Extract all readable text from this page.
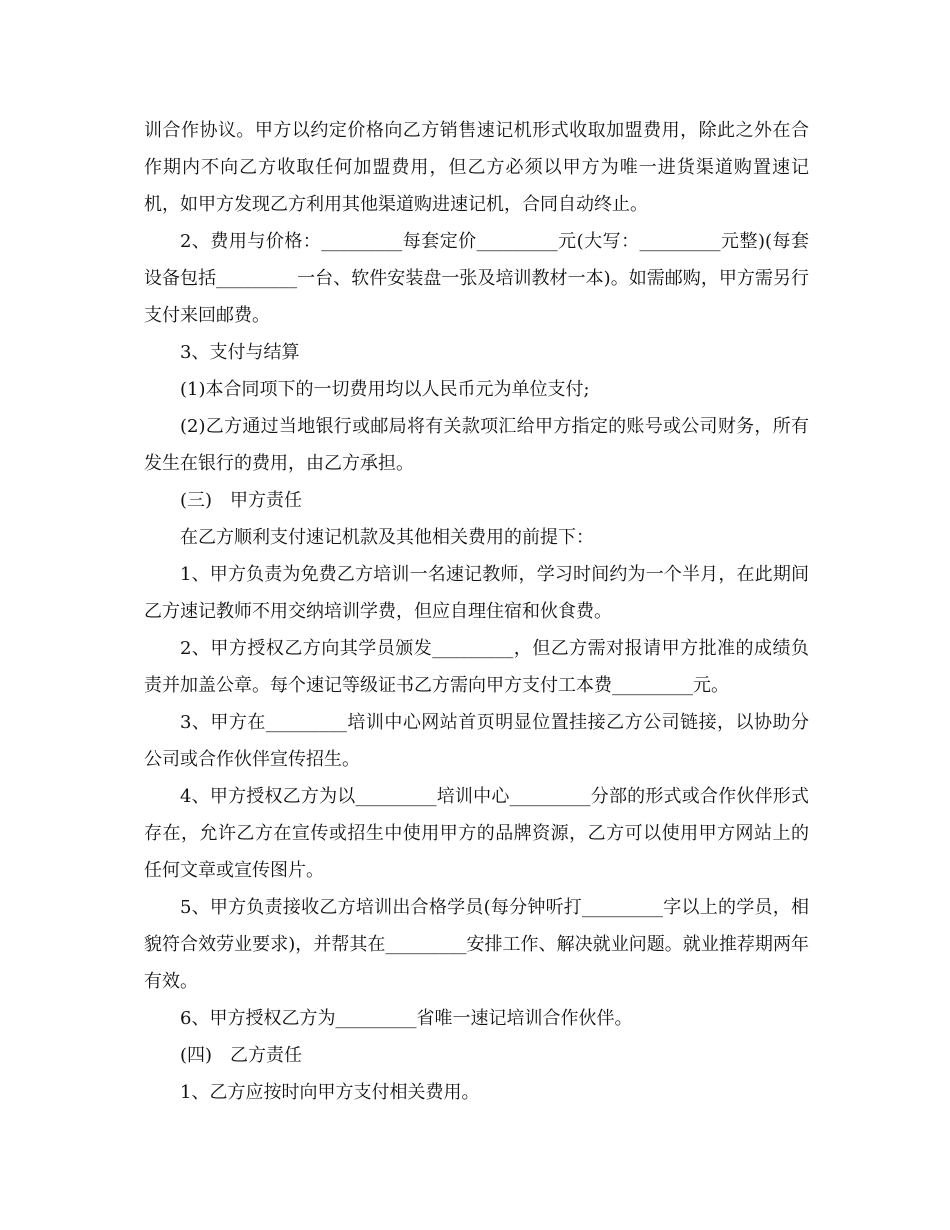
训合作协议。甲方以约定价格向乙方销售速记机形式收取加盟费用，除此之外在合作期内不向乙方收取任何加盟费用，但乙方必须以甲方为唯一进货渠道购置速记机，如甲方发现乙方利用其他渠道购进速记机，合同自动终止。

2、费用与价格：_________每套定价_________元(大写：_________元整)(每套设备包括_________一台、软件安装盘一张及培训教材一本)。如需邮购，甲方需另行支付来回邮费。

3、支付与结算

(1)本合同项下的一切费用均以人民币元为单位支付;

(2)乙方通过当地银行或邮局将有关款项汇给甲方指定的账号或公司财务，所有发生在银行的费用，由乙方承担。

(三)　甲方责任

在乙方顺利支付速记机款及其他相关费用的前提下：

1、甲方负责为免费乙方培训一名速记教师，学习时间约为一个半月，在此期间乙方速记教师不用交纳培训学费，但应自理住宿和伙食费。

2、甲方授权乙方向其学员颁发_________，但乙方需对报请甲方批准的成绩负责并加盖公章。每个速记等级证书乙方需向甲方支付工本费_________元。

3、甲方在_________培训中心网站首页明显位置挂接乙方公司链接，以协助分公司或合作伙伴宣传招生。

4、甲方授权乙方为以_________培训中心_________分部的形式或合作伙伴形式存在，允许乙方在宣传或招生中使用甲方的品牌资源，乙方可以使用甲方网站上的任何文章或宣传图片。

5、甲方负责接收乙方培训出合格学员(每分钟听打_________字以上的学员，相貌符合效劳业要求)，并帮其在_________安排工作、解决就业问题。就业推荐期两年有效。

6、甲方授权乙方为_________省唯一速记培训合作伙伴。

(四)　乙方责任

1、乙方应按时向甲方支付相关费用。
